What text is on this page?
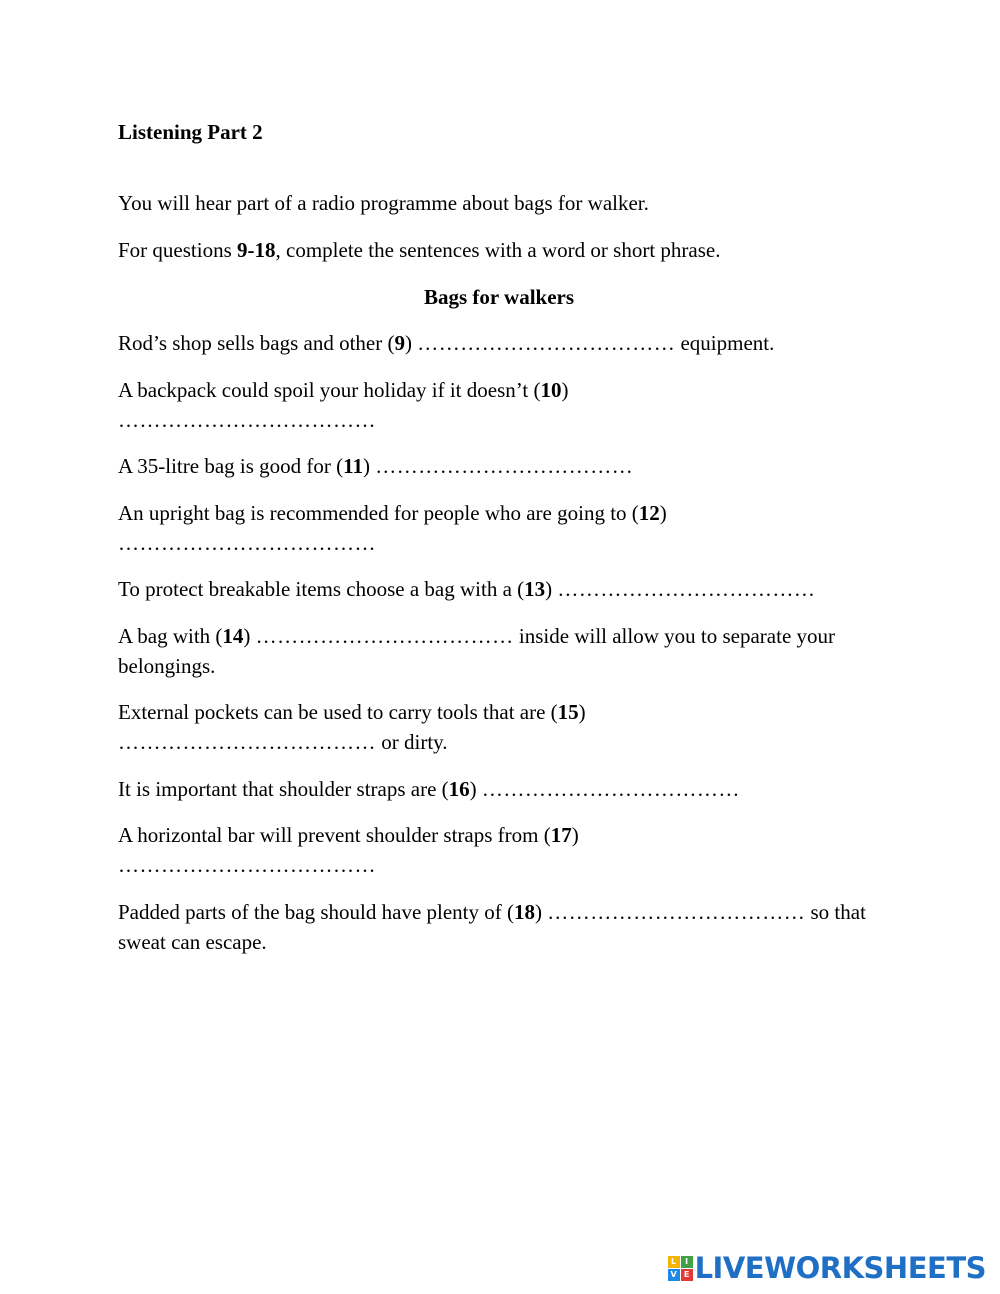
Listening Part 2
You will hear part of a radio programme about bags for walker.
For questions 9-18, complete the sentences with a word or short phrase.
Bags for walkers
Rod’s shop sells bags and other (9) ……………………………… equipment.
A backpack could spoil your holiday if it doesn’t (10)
………………………………
A 35-litre bag is good for (11) ………………………………
An upright bag is recommended for people who are going to (12)
………………………………
To protect breakable items choose a bag with a (13) ………………………………
A bag with (14) ……………………………… inside will allow you to separate your belongings.
External pockets can be used to carry tools that are (15)
……………………………… or dirty.
It is important that shoulder straps are (16) ………………………………
A horizontal bar will prevent shoulder straps from (17)
………………………………
Padded parts of the bag should have plenty of (18) ……………………………… so that sweat can escape.
L	I
V E LIVEWORKSHEETS
